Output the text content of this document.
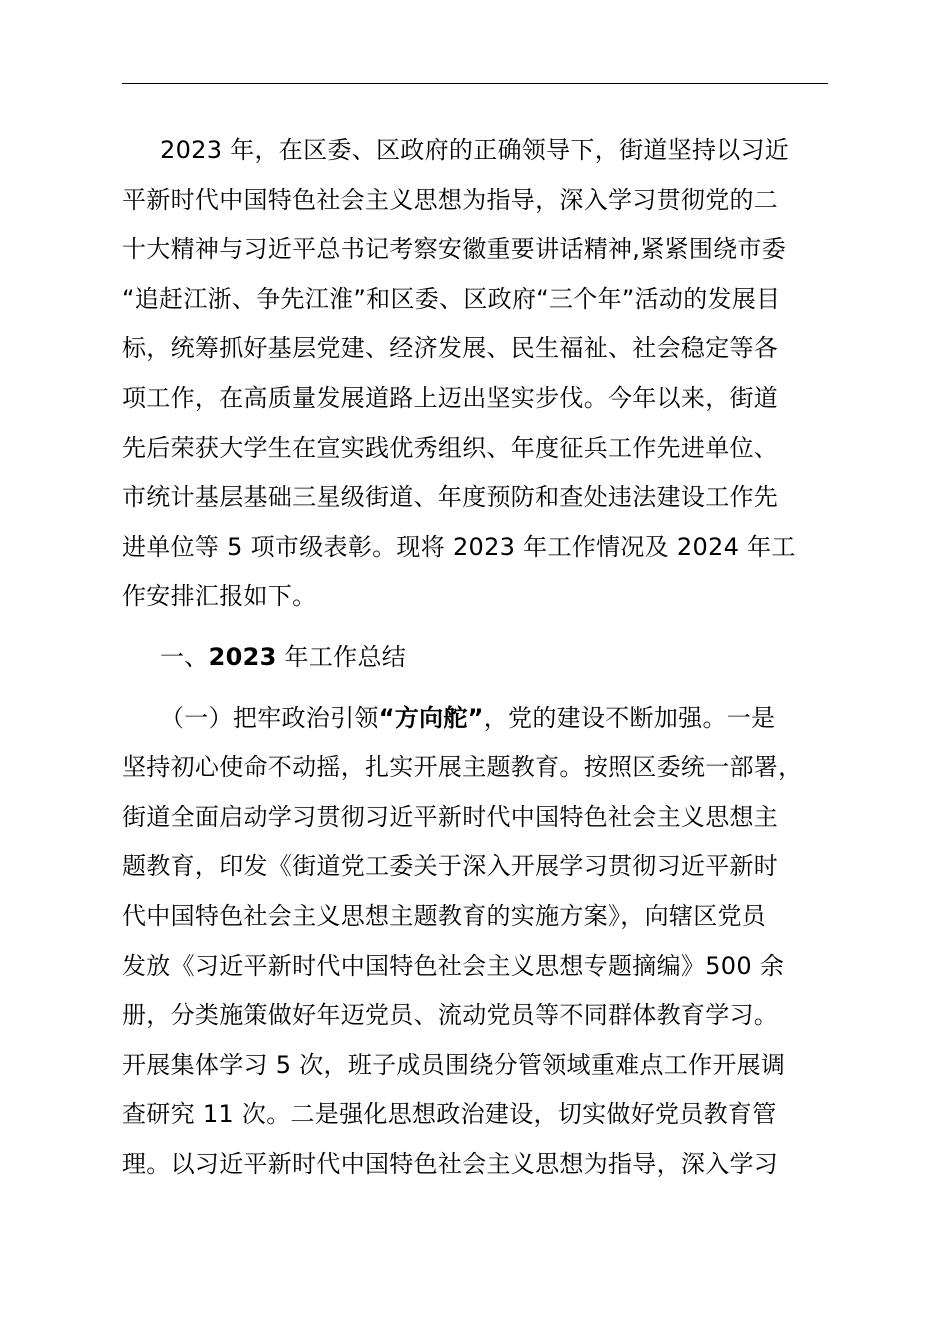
2023 年，在区委、区政府的正确领导下，街道坚持以习近
平新时代中国特色社会主义思想为指导，深入学习贯彻党的二
十大精神与习近平总书记考察安徽重要讲话精神,紧紧围绕市委
“追赶江浙、争先江淮”和区委、区政府“三个年”活动的发展目
标，统筹抓好基层党建、经济发展、民生福祉、社会稳定等各
项工作，在高质量发展道路上迈出坚实步伐。今年以来，街道
先后荣获大学生在宣实践优秀组织、年度征兵工作先进单位、
市统计基层基础三星级街道、年度预防和查处违法建设工作先
进单位等 5 项市级表彰。现将 2023 年工作情况及 2024 年工
作安排汇报如下。
一、2023 年工作总结
（一）把牢政治引领“方向舵”，党的建设不断加强。一是
坚持初心使命不动摇，扎实开展主题教育。按照区委统一部署，
街道全面启动学习贯彻习近平新时代中国特色社会主义思想主
题教育，印发《街道党工委关于深入开展学习贯彻习近平新时
代中国特色社会主义思想主题教育的实施方案》，向辖区党员
发放《习近平新时代中国特色社会主义思想专题摘编》500 余
册，分类施策做好年迈党员、流动党员等不同群体教育学习。
开展集体学习 5 次，班子成员围绕分管领域重难点工作开展调
查研究 11 次。二是强化思想政治建设，切实做好党员教育管
理。以习近平新时代中国特色社会主义思想为指导，深入学习
